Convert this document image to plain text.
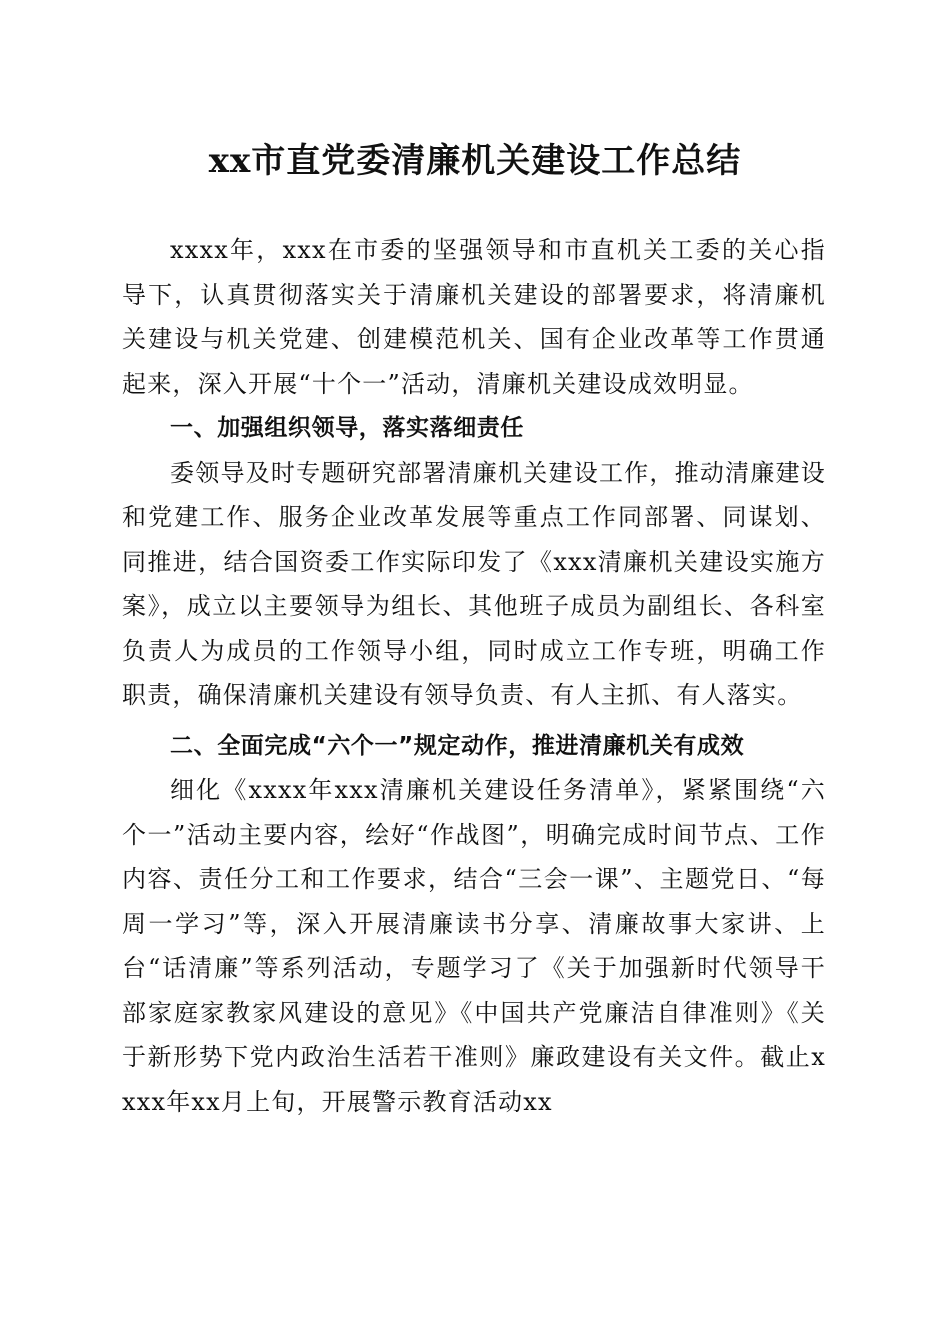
xx市直党委清廉机关建设工作总结

xxxx年，xxx在市委的坚强领导和市直机关工委的关心指导下，认真贯彻落实关于清廉机关建设的部署要求，将清廉机关建设与机关党建、创建模范机关、国有企业改革等工作贯通起来，深入开展“十个一”活动，清廉机关建设成效明显。

一、加强组织领导，落实落细责任

委领导及时专题研究部署清廉机关建设工作，推动清廉建设和党建工作、服务企业改革发展等重点工作同部署、同谋划、同推进，结合国资委工作实际印发了《xxx清廉机关建设实施方案》，成立以主要领导为组长、其他班子成员为副组长、各科室负责人为成员的工作领导小组，同时成立工作专班，明确工作职责，确保清廉机关建设有领导负责、有人主抓、有人落实。

二、全面完成“六个一”规定动作，推进清廉机关有成效

细化《xxxx年xxx清廉机关建设任务清单》，紧紧围绕“六个一”活动主要内容，绘好“作战图”，明确完成时间节点、工作内容、责任分工和工作要求，结合“三会一课”、主题党日、“每周一学习”等，深入开展清廉读书分享、清廉故事大家讲、上台“话清廉”等系列活动，专题学习了《关于加强新时代领导干部家庭家教家风建设的意见》《中国共产党廉洁自律准则》《关于新形势下党内政治生活若干准则》廉政建设有关文件。截止xxxx年xx月上旬，开展警示教育活动xx
